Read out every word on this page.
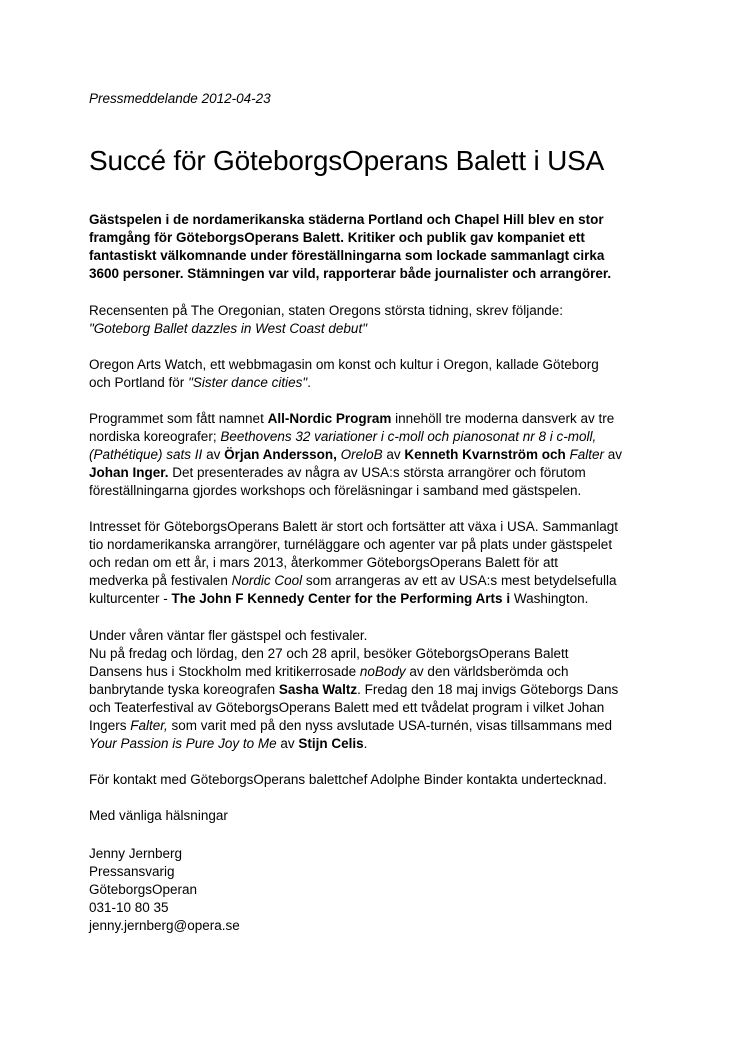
Pressmeddelande 2012-04-23
Succé för GöteborgsOperans Balett i USA

Gästspelen i de nordamerikanska städerna Portland och Chapel Hill blev en stor
framgång för GöteborgsOperans Balett. Kritiker och publik gav kompaniet ett
fantastiskt välkomnande under föreställningarna som lockade sammanlagt cirka
3600 personer. Stämningen var vild, rapporterar både journalister och arrangörer.

Recensenten på The Oregonian, staten Oregons största tidning, skrev följande:
"Goteborg Ballet dazzles in West Coast debut"

Oregon Arts Watch, ett webbmagasin om konst och kultur i Oregon, kallade Göteborg
och Portland för "Sister dance cities".

Programmet som fått namnet All-Nordic Program innehöll tre moderna dansverk av tre
nordiska koreografer; Beethovens 32 variationer i c-moll och pianosonat nr 8 i c-moll,
(Pathétique) sats II av Örjan Andersson, OreloB av Kenneth Kvarnström och Falter av
Johan Inger. Det presenterades av några av USA:s största arrangörer och förutom
föreställningarna gjordes workshops och föreläsningar i samband med gästspelen.

Intresset för GöteborgsOperans Balett är stort och fortsätter att växa i USA. Sammanlagt
tio nordamerikanska arrangörer, turnéläggare och agenter var på plats under gästspelet
och redan om ett år, i mars 2013, återkommer GöteborgsOperans Balett för att
medverka på festivalen Nordic Cool som arrangeras av ett av USA:s mest betydelsefulla
kulturcenter - The John F Kennedy Center for the Performing Arts i Washington.

Under våren väntar fler gästspel och festivaler.
Nu på fredag och lördag, den 27 och 28 april, besöker GöteborgsOperans Balett
Dansens hus i Stockholm med kritikerrosade noBody av den världsberömda och
banbrytande tyska koreografen Sasha Waltz. Fredag den 18 maj invigs Göteborgs Dans
och Teaterfestival av GöteborgsOperans Balett med ett tvådelat program i vilket Johan
Ingers Falter, som varit med på den nyss avslutade USA-turnén, visas tillsammans med
Your Passion is Pure Joy to Me av Stijn Celis.

För kontakt med GöteborgsOperans balettchef Adolphe Binder kontakta undertecknad.

Med vänliga hälsningar

Jenny Jernberg
Pressansvarig
GöteborgsOperan
031-10 80 35
jenny.jernberg@opera.se
